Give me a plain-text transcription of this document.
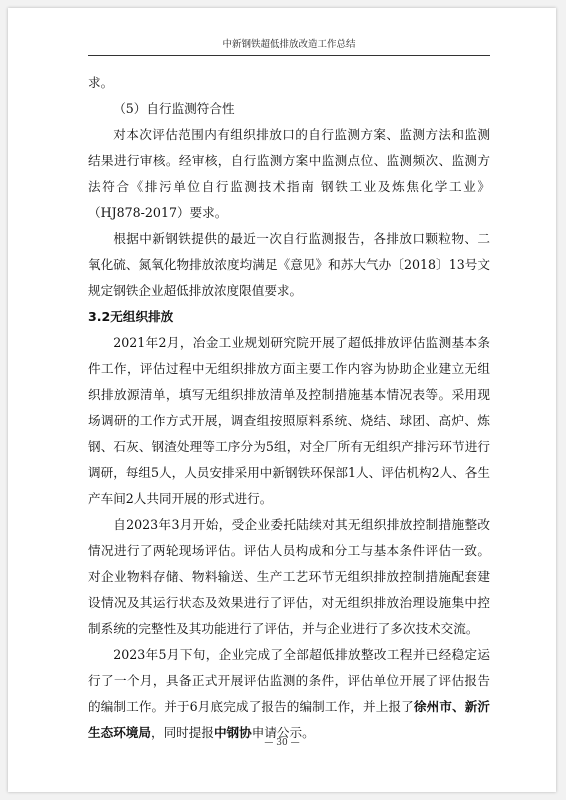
中新钢铁超低排放改造工作总结

求。

（5）自行监测符合性

对本次评估范围内有组织排放口的自行监测方案、监测方法和监测结果进行审核。经审核，自行监测方案中监测点位、监测频次、监测方法符合《排污单位自行监测技术指南 钢铁工业及炼焦化学工业》（HJ878-2017）要求。

根据中新钢铁提供的最近一次自行监测报告，各排放口颗粒物、二氧化硫、氮氧化物排放浓度均满足《意见》和苏大气办〔2018〕13号文规定钢铁企业超低排放浓度限值要求。

3.2无组织排放

2021年2月，冶金工业规划研究院开展了超低排放评估监测基本条件工作，评估过程中无组织排放方面主要工作内容为协助企业建立无组织排放源清单，填写无组织排放清单及控制措施基本情况表等。采用现场调研的工作方式开展，调查组按照原料系统、烧结、球团、高炉、炼钢、石灰、钢渣处理等工序分为5组，对全厂所有无组织产排污环节进行调研，每组5人，人员安排采用中新钢铁环保部1人、评估机构2人、各生产车间2人共同开展的形式进行。

自2023年3月开始，受企业委托陆续对其无组织排放控制措施整改情况进行了两轮现场评估。评估人员构成和分工与基本条件评估一致。对企业物料存储、物料输送、生产工艺环节无组织排放控制措施配套建设情况及其运行状态及效果进行了评估，对无组织排放治理设施集中控制系统的完整性及其功能进行了评估，并与企业进行了多次技术交流。

2023年5月下旬，企业完成了全部超低排放整改工程并已经稳定运行了一个月，具备正式开展评估监测的条件，评估单位开展了评估报告的编制工作。并于6月底完成了报告的编制工作，并上报了徐州市、新沂生态环境局，同时提报中钢协申请公示。

— 30 —
